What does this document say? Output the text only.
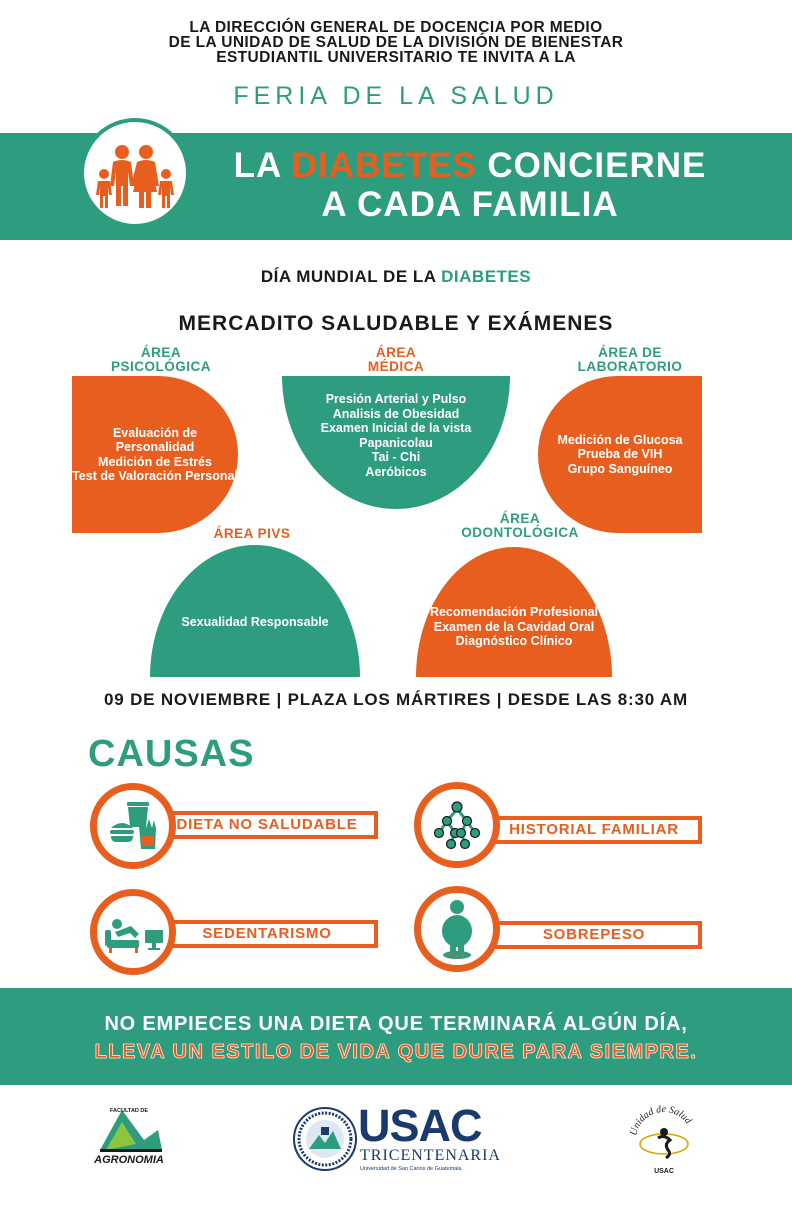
LA DIRECCIÓN GENERAL DE DOCENCIA POR MEDIO
DE LA UNIDAD DE SALUD DE LA DIVISIÓN DE BIENESTAR
ESTUDIANTIL UNIVERSITARIO TE INVITA A LA
FERIA DE LA SALUD
LA DIABETES CONCIERNE
A CADA FAMILIA
DÍA MUNDIAL DE LA DIABETES
MERCADITO SALUDABLE Y EXÁMENES
ÁREA
PSICOLÓGICA
ÁREA
MÉDICA
ÁREA DE
LABORATORIO
ÁREA PIVS
ÁREA
ODONTOLÓGICA
Evaluación de Personalidad
Medición de Estrés
Test de Valoración Personal
Presión Arterial y Pulso
Analisis de Obesidad
Examen Inicial de la vista
Papanicolau
Tai - Chi
Aeróbicos
Medición de Glucosa
Prueba de VIH
Grupo Sanguíneo
Sexualidad Responsable
Recomendación Profesional
Examen de la Cavidad Oral
Diagnóstico Clínico
09 DE NOVIEMBRE | PLAZA LOS MÁRTIRES | DESDE LAS 8:30 AM
CAUSAS
DIETA NO SALUDABLE	HISTORIAL FAMILIAR
SEDENTARISMO	SOBREPESO
NO EMPIECES UNA DIETA QUE TERMINARÁ ALGÚN DÍA,
LLEVA UN ESTILO DE VIDA QUE DURE PARA SIEMPRE.
FACULTAD DE
AGRONOMIA
USAC
TRICENTENARIA
Universidad de San Carlos de Guatemala
Unidad de Salud
USAC
